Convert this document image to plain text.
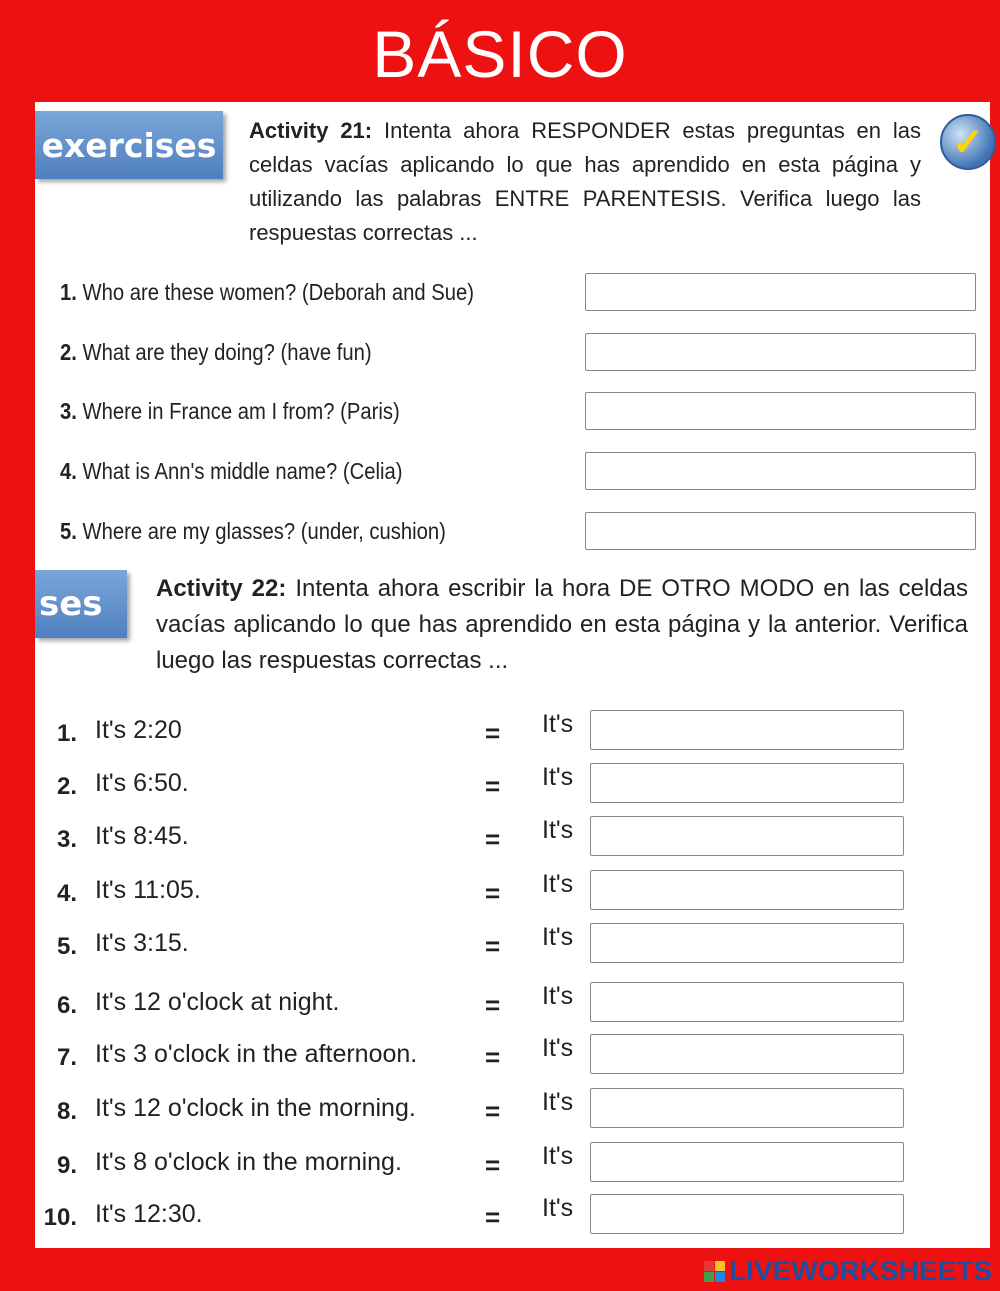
BÁSICO
exercises Activity 21: Intenta ahora RESPONDER estas preguntas en las celdas vacías aplicando lo que has aprendido en esta página y utilizando las palabras ENTRE PARENTESIS. Verifica luego las respuestas correctas ...
✓
1. Who are these women? (Deborah and Sue)
2. What are they doing? (have fun)
3. Where in France am I from? (Paris)
4. What is Ann's middle name? (Celia)
5. Where are my glasses? (under, cushion)
ses	Activity 22: Intenta ahora escribir la hora DE OTRO MODO en las celdas vacías aplicando lo que has aprendido en esta página y la anterior. Verifica luego las respuestas correctas ...
1. It's 2:20	= It's
2. It's 6:50.	= It's
3. It's 8:45.	= It's
4. It's 11:05.	= It's
5. It's 3:15.	= It's
6. It's 12 o'clock at night.	= It's
7. It's 3 o'clock in the afternoon.	= It's
8. It's 12 o'clock in the morning.	= It's
9. It's 8 o'clock in the morning.	= It's
10. It's 12:30.	= It's
LIVEWORKSHEETS
